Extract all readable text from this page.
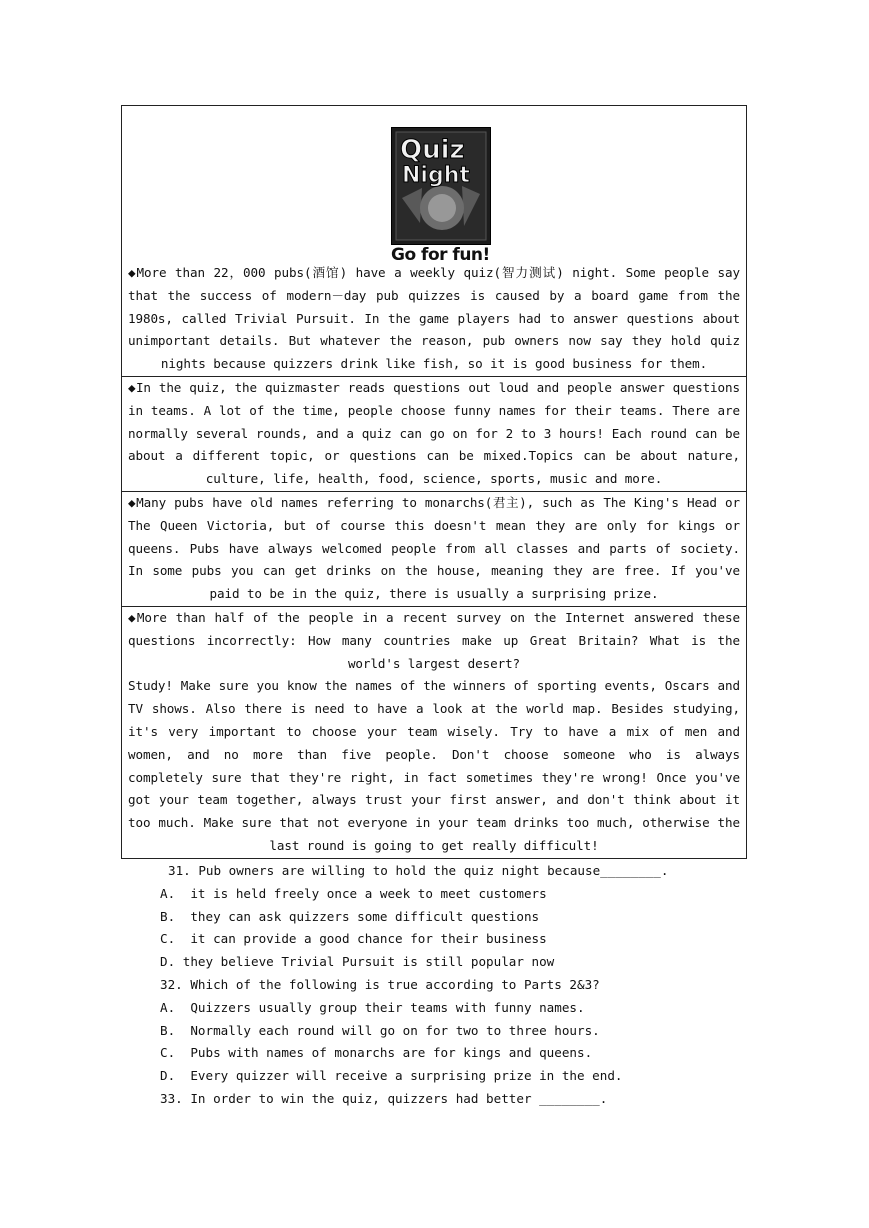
Quiz
Night
Go for fun!

◆More than 22，000 pubs(酒馆) have a weekly quiz(智力测试) night. Some people say that the success of modern－day pub quizzes is caused by a board game from the 1980s, called Trivial Pursuit. In the game players had to answer questions about unimportant details. But whatever the reason, pub owners now say they hold quiz nights because quizzers drink like fish, so it is good business for them.

◆In the quiz, the quizmaster reads questions out loud and people answer questions in teams. A lot of the time, people choose funny names for their teams. There are normally several rounds, and a quiz can go on for 2 to 3 hours! Each round can be about a different topic, or questions can be mixed.Topics can be about nature, culture, life, health, food, science, sports, music and more.

◆Many pubs have old names referring to monarchs(君主), such as The King's Head or The Queen Victoria, but of course this doesn't mean they are only for kings or queens. Pubs have always welcomed people from all classes and parts of society. In some pubs you can get drinks on the house, meaning they are free. If you've paid to be in the quiz, there is usually a surprising prize.

◆More than half of the people in a recent survey on the Internet answered these questions incorrectly: How many countries make up Great Britain? What is the world's largest desert?

Study! Make sure you know the names of the winners of sporting events, Oscars and TV shows. Also there is need to have a look at the world map. Besides studying, it's very important to choose your team wisely. Try to have a mix of men and women, and no more than five people. Don't choose someone who is always completely sure that they're right, in fact sometimes they're wrong! Once you've got your team together, always trust your first answer, and don't think about it too much. Make sure that not everyone in your team drinks too much, otherwise the last round is going to get really difficult!

31. Pub owners are willing to hold the quiz night because________.

A.  it is held freely once a week to meet customers

B.  they can ask quizzers some difficult questions

C.  it can provide a good chance for their business

D. they believe Trivial Pursuit is still popular now

32. Which of the following is true according to Parts 2&3?

A.  Quizzers usually group their teams with funny names.

B.  Normally each round will go on for two to three hours.

C.  Pubs with names of monarchs are for kings and queens.

D.  Every quizzer will receive a surprising prize in the end.

33. In order to win the quiz, quizzers had better ________.
